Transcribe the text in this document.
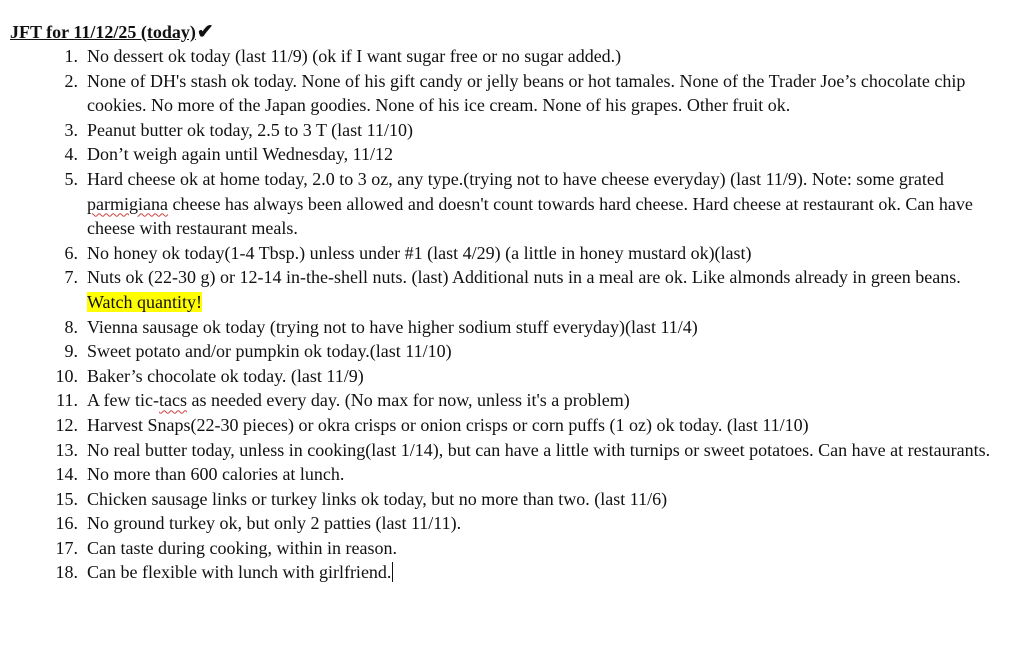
JFT for 11/12/25 (today)✔
1. No dessert ok today (last 11/9) (ok if I want sugar free or no sugar added.)
2. None of DH's stash ok today. None of his gift candy or jelly beans or hot tamales. None of the Trader Joe’s chocolate chip cookies. No more of the Japan goodies. None of his ice cream. None of his grapes. Other fruit ok.
3. Peanut butter ok today, 2.5 to 3 T (last 11/10)
4. Don’t weigh again until Wednesday, 11/12
5. Hard cheese ok at home today, 2.0 to 3 oz, any type.(trying not to have cheese everyday) (last 11/9). Note: some grated parmigiana cheese has always been allowed and doesn't count towards hard cheese. Hard cheese at restaurant ok. Can have cheese with restaurant meals.
6. No honey ok today(1-4 Tbsp.) unless under #1 (last 4/29) (a little in honey mustard ok)(last)
7. Nuts ok (22-30 g) or 12-14 in-the-shell nuts. (last) Additional nuts in a meal are ok. Like almonds already in green beans. Watch quantity!
8. Vienna sausage ok today (trying not to have higher sodium stuff everyday)(last 11/4)
9. Sweet potato and/or pumpkin ok today.(last 11/10)
10. Baker’s chocolate ok today. (last 11/9)
11. A few tic-tacs as needed every day. (No max for now, unless it's a problem)
12. Harvest Snaps(22-30 pieces) or okra crisps or onion crisps or corn puffs (1 oz) ok today. (last 11/10)
13. No real butter today, unless in cooking(last 1/14), but can have a little with turnips or sweet potatoes. Can have at restaurants.
14. No more than 600 calories at lunch.
15. Chicken sausage links or turkey links ok today, but no more than two. (last 11/6)
16. No ground turkey ok, but only 2 patties (last 11/11).
17. Can taste during cooking, within in reason.
18. Can be flexible with lunch with girlfriend.
